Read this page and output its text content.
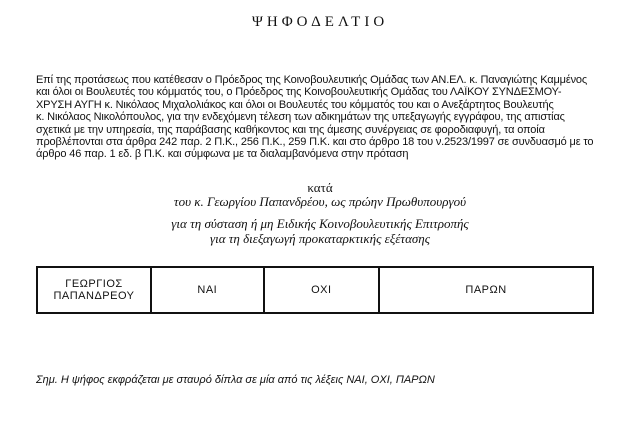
ΨΗΦΟΔΕΛΤΙΟ
Επί της προτάσεως που κατέθεσαν ο Πρόεδρος της Κοινοβουλευτικής Ομάδας των ΑΝ.ΕΛ. κ. Παναγιώτης Καμμένος
και όλοι οι Βουλευτές του κόμματός του, ο Πρόεδρος της Κοινοβουλευτικής Ομάδας του ΛΑΪΚΟΥ ΣΥΝΔΕΣΜΟΥ-
ΧΡΥΣΗ ΑΥΓΗ κ. Νικόλαος Μιχαλολιάκος και όλοι οι Βουλευτές του κόμματός του και ο Ανεξάρτητος Βουλευτής
κ. Νικόλαος Νικολόπουλος, για την ενδεχόμενη τέλεση των αδικημάτων της υπεξαγωγής εγγράφου, της απιστίας
σχετικά με την υπηρεσία, της παράβασης καθήκοντος και της άμεσης συνέργειας σε φοροδιαφυγή, τα οποία
προβλέπονται στα άρθρα 242 παρ. 2 Π.Κ., 256 Π.Κ., 259 Π.Κ. και στο άρθρο 18 του ν.2523/1997 σε συνδυασμό με το
άρθρο 46 παρ. 1 εδ. β Π.Κ. και σύμφωνα με τα διαλαμβανόμενα στην πρόταση
κατά
του κ. Γεωργίου Παπανδρέου, ως πρώην Πρωθυπουργού
για τη σύσταση ή μη Ειδικής Κοινοβουλευτικής Επιτροπής
για τη διεξαγωγή προκαταρκτικής εξέτασης
ΓΕΩΡΓΙΟΣ
ΠΑΠΑΝΔΡΕΟΥ	ΝΑΙ	ΟΧΙ	ΠΑΡΩΝ
Σημ. Η ψήφος εκφράζεται με σταυρό δίπλα σε μία από τις λέξεις ΝΑΙ, ΟΧΙ, ΠΑΡΩΝ
